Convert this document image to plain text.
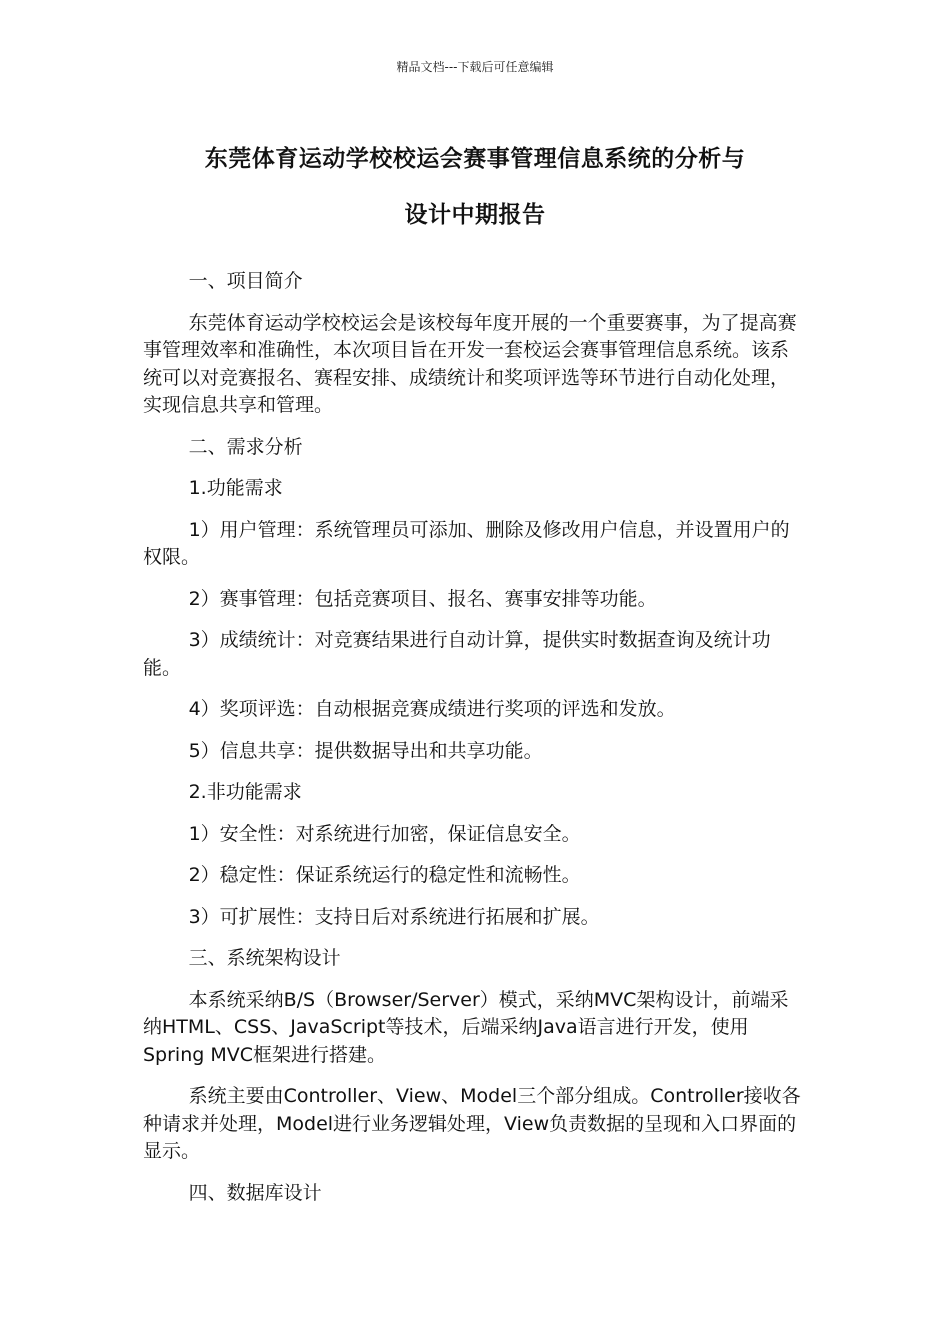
精品文档---下载后可任意编辑
东莞体育运动学校校运会赛事管理信息系统的分析与
设计中期报告

一、项目简介

东莞体育运动学校校运会是该校每年度开展的一个重要赛事，为了提高赛事管理效率和准确性，本次项目旨在开发一套校运会赛事管理信息系统。该系统可以对竞赛报名、赛程安排、成绩统计和奖项评选等环节进行自动化处理，实现信息共享和管理。

二、需求分析

1.功能需求

1）用户管理：系统管理员可添加、删除及修改用户信息，并设置用户的权限。

2）赛事管理：包括竞赛项目、报名、赛事安排等功能。

3）成绩统计：对竞赛结果进行自动计算，提供实时数据查询及统计功能。

4）奖项评选：自动根据竞赛成绩进行奖项的评选和发放。

5）信息共享：提供数据导出和共享功能。

2.非功能需求

1）安全性：对系统进行加密，保证信息安全。

2）稳定性：保证系统运行的稳定性和流畅性。

3）可扩展性：支持日后对系统进行拓展和扩展。

三、系统架构设计

本系统采纳B/S（Browser/Server）模式，采纳MVC架构设计，前端采纳HTML、CSS、JavaScript等技术，后端采纳Java语言进行开发，使用Spring MVC框架进行搭建。

系统主要由Controller、View、Model三个部分组成。Controller接收各种请求并处理，Model进行业务逻辑处理，View负责数据的呈现和入口界面的显示。

四、数据库设计
